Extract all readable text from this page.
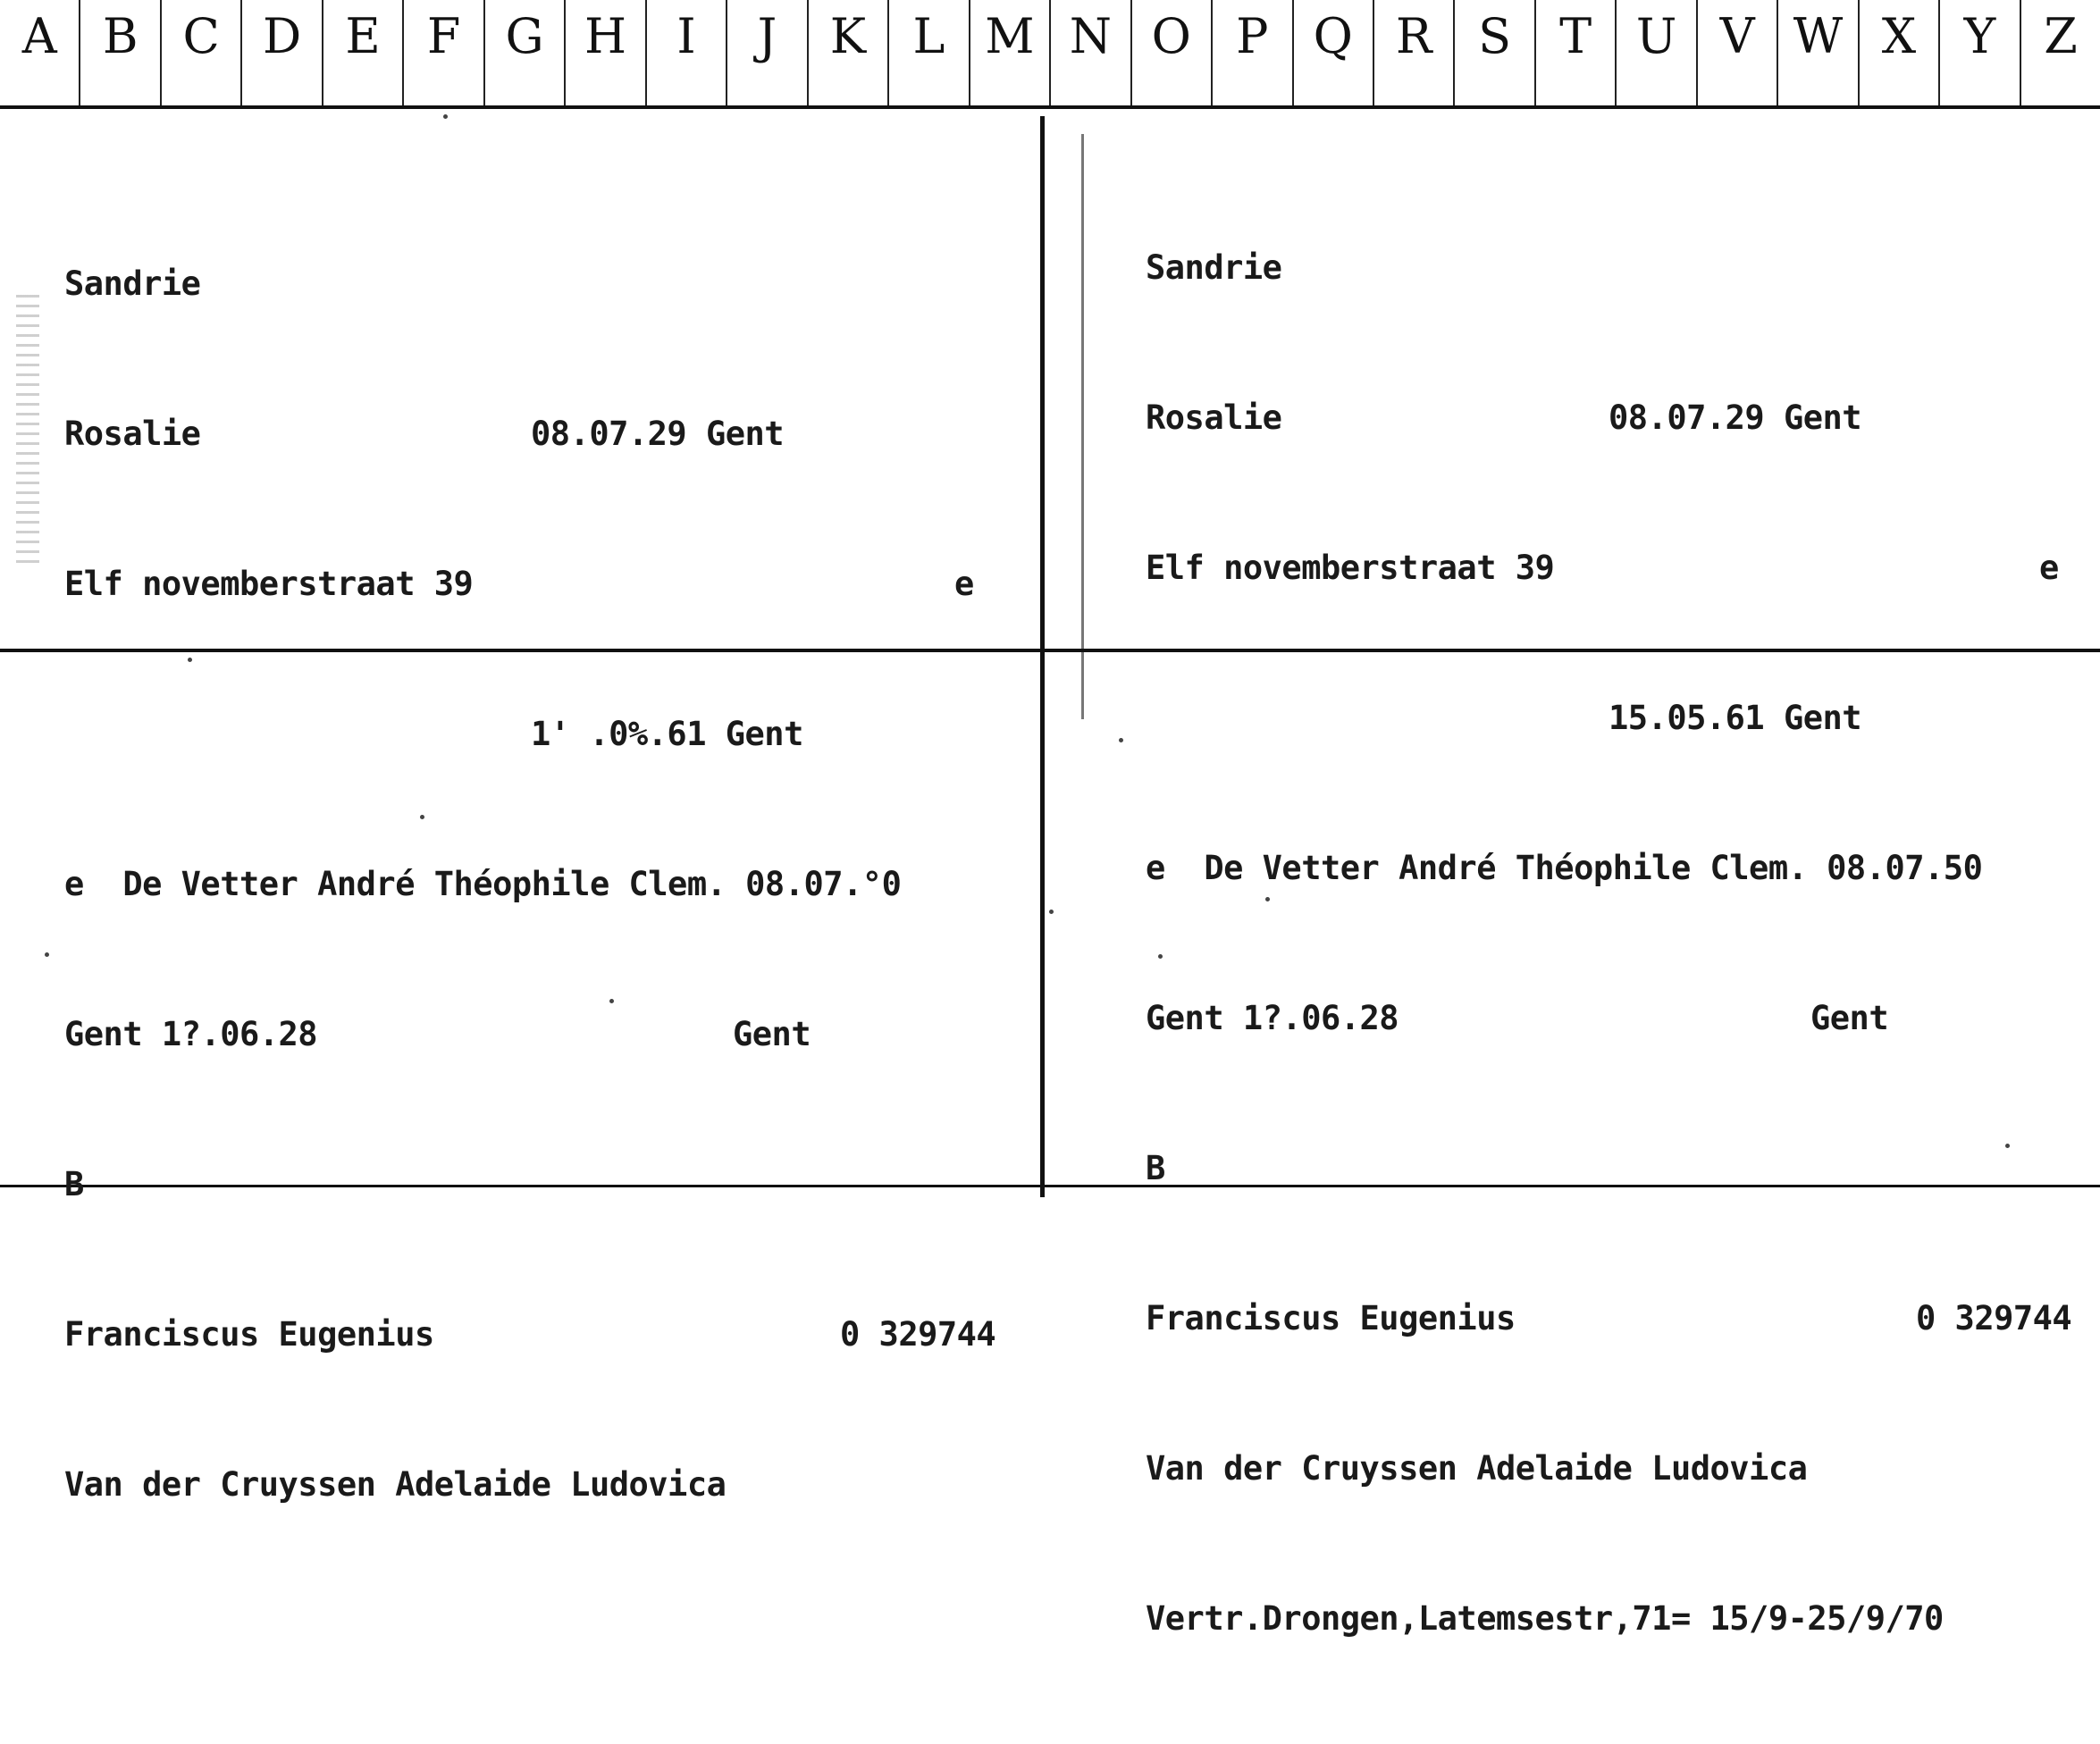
A B C D E F G H	I	J	K L M N O P Q R S T U V W X Y Z

Sandrie

Rosalie

	08.07.29 Gent

Elf novemberstraat 39

	e

1' .0%.61 Gent

e  De Vetter André Théophile Clem. 08.07.°0

Gent 1?.06.28

	Gent

B

Franciscus Eugenius

	0 329744

Van der Cruyssen Adelaide Ludovica

Sandrie

Rosalie

	08.07.29 Gent

Elf novemberstraat 39

	e

15.05.61 Gent

e  De Vetter André Théophile Clem. 08.07.50

Gent 1?.06.28

	Gent

B

Franciscus Eugenius

	0 329744

Van der Cruyssen Adelaide Ludovica

Vertr.Drongen,Latemsestr,71= 15/9-25/9/70
